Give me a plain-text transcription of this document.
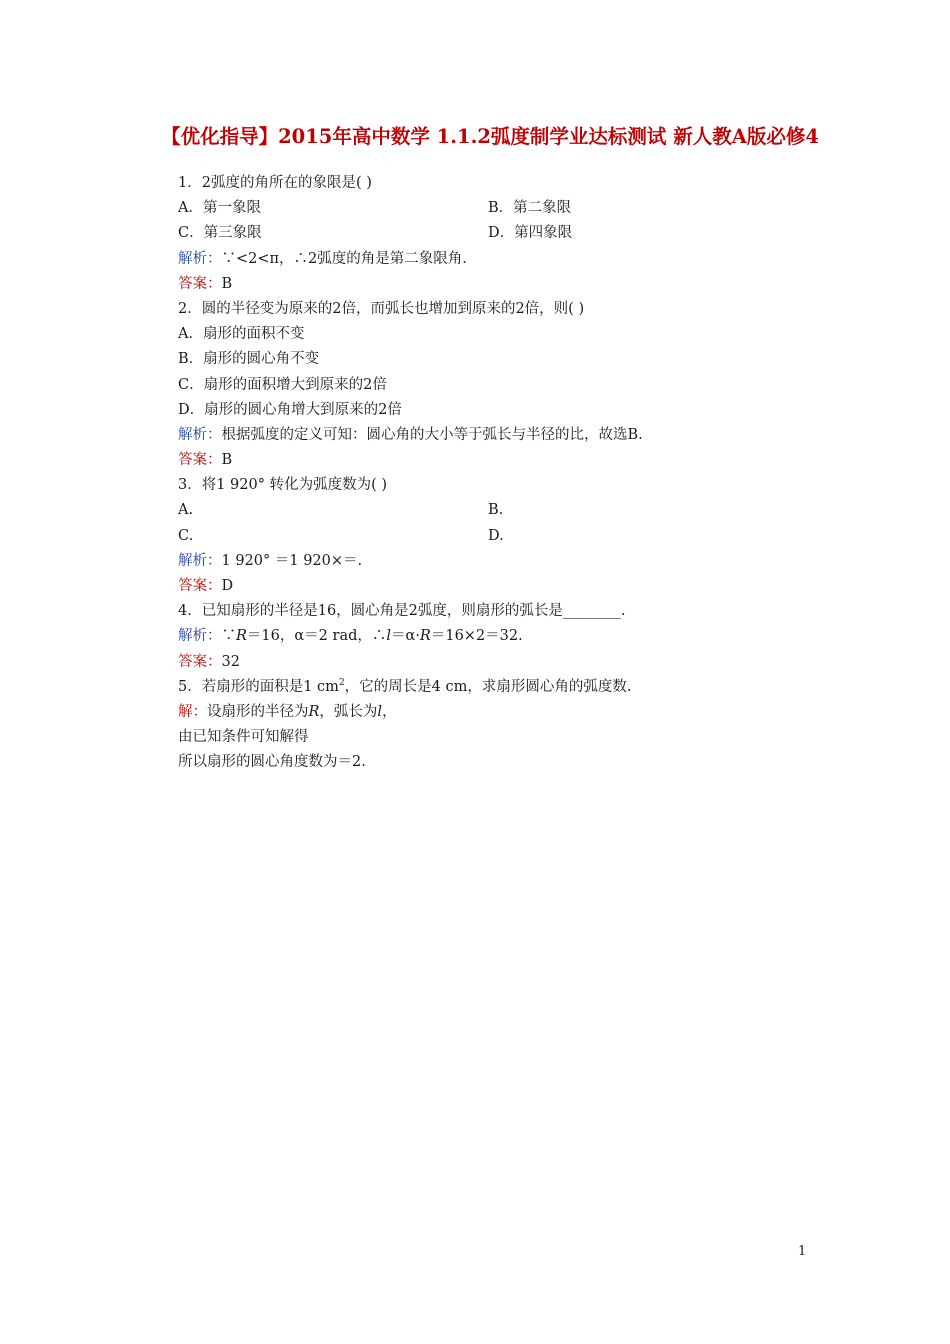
【优化指导】2015年高中数学 1.1.2弧度制学业达标测试 新人教A版必修4
1．2弧度的角所在的象限是( )
A．第一象限	B．第二象限
C．第三象限	D．第四象限
解析：∵<2<π，∴2弧度的角是第二象限角.
答案：B
2．圆的半径变为原来的2倍，而弧长也增加到原来的2倍，则( )
A．扇形的面积不变
B．扇形的圆心角不变
C．扇形的面积增大到原来的2倍
D．扇形的圆心角增大到原来的2倍
解析：根据弧度的定义可知：圆心角的大小等于弧长与半径的比，故选B.
答案：B
3．将1 920° 转化为弧度数为( )
A.	B.
C.	D.
解析：1 920° ＝1 920×＝.
答案：D
4．已知扇形的半径是16，圆心角是2弧度，则扇形的弧长是________.
解析：∵R＝16，α＝2 rad，∴l＝α·R＝16×2＝32.
答案：32
5．若扇形的面积是1 $cm^2$，它的周长是4 cm，求扇形圆心角的弧度数.
解：设扇形的半径为R，弧长为l，
由已知条件可知解得
所以扇形的圆心角度数为＝2.
1
